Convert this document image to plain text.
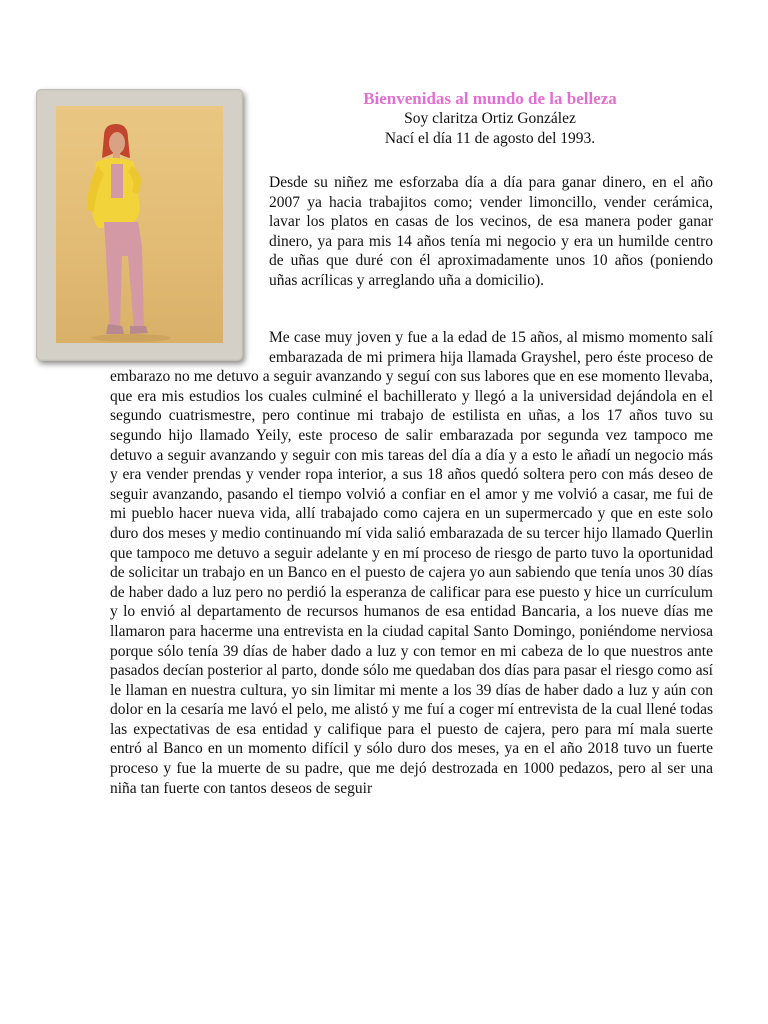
Bienvenidas al mundo de la belleza
Soy claritza Ortiz González
Nací el día 11 de agosto del 1993.

Desde su niñez me esforzaba día a día para ganar dinero, en el año 2007 ya hacia trabajitos como; vender limoncillo, vender cerámica, lavar los platos en casas de los vecinos, de esa manera poder ganar dinero, ya para mis 14 años tenía mi negocio y era un humilde centro de uñas que duré con él aproximadamente unos 10 años (poniendo uñas acrílicas y arreglando uña a domicilio).

Me case muy joven y fue a la edad de 15 años, al mismo momento salí embarazada de mi primera hija llamada Grayshel, pero éste proceso de embarazo no me detuvo a seguir avanzando y seguí con sus labores que en ese momento llevaba, que era mis estudios los cuales culminé el bachillerato y llegó a la universidad dejándola en el segundo cuatrismestre, pero continue mi trabajo de estilista en uñas, a los 17 años tuvo su segundo hijo llamado Yeily, este proceso de salir embarazada por segunda vez tampoco me detuvo a seguir avanzando y seguir con mis tareas del día a día y a esto le añadí un negocio más y era vender prendas y vender ropa interior, a sus 18 años quedó soltera pero con más deseo de seguir avanzando, pasando el tiempo volvió a confiar en el amor y me volvió a casar, me fui de mi pueblo hacer nueva vida, allí trabajado como cajera en un supermercado y que en este solo duro dos meses y medio continuando mí vida salió embarazada de su tercer hijo llamado Querlin que tampoco me detuvo a seguir adelante y en mí proceso de riesgo de parto tuvo la oportunidad de solicitar un trabajo en un Banco en el puesto de cajera yo aun sabiendo que tenía unos 30 días de haber dado a luz pero no perdió la esperanza de calificar para ese puesto y hice un currículum y lo envió al departamento de recursos humanos de esa entidad Bancaria, a los nueve días me llamaron para hacerme una entrevista en la ciudad capital Santo Domingo, poniéndome nerviosa porque sólo tenía 39 días de haber dado a luz y con temor en mi cabeza de lo que nuestros ante pasados decían posterior al parto, donde sólo me quedaban dos días para pasar el riesgo como así le llaman en nuestra cultura, yo sin limitar mi mente a los 39 días de haber dado a luz y aún con dolor en la cesaría me lavó el pelo, me alistó y me fuí a coger mí entrevista de la cual llené todas las expectativas de esa entidad y califique para el puesto de cajera, pero para mí mala suerte entró al Banco en un momento difícil y sólo duro dos meses, ya en el año 2018 tuvo un fuerte proceso y fue la muerte de su padre, que me dejó destrozada en 1000 pedazos, pero al ser una niña tan fuerte con tantos deseos de seguir
